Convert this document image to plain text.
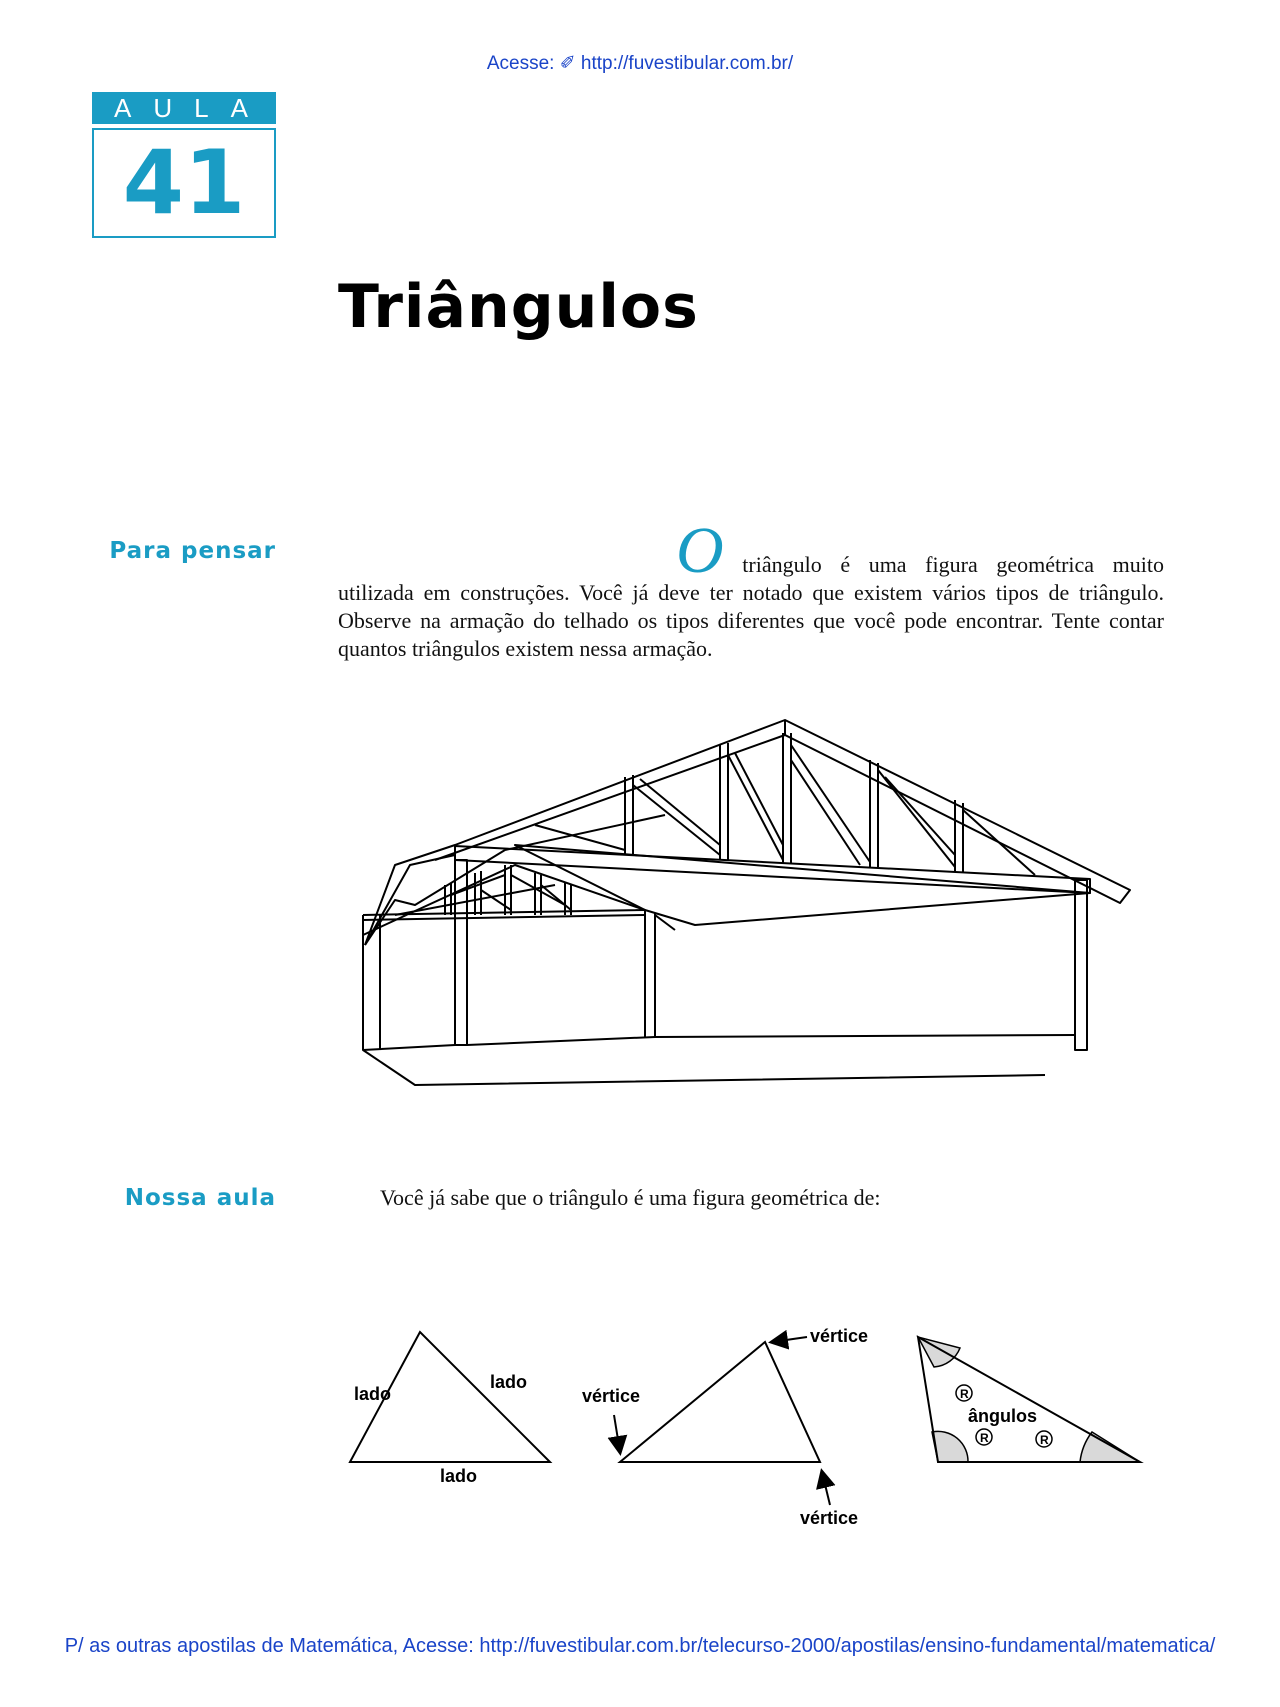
Acesse: ✐ http://fuvestibular.com.br/
AULA
41
Triângulos
Para pensar	O triângulo é uma figura geométrica muito utilizada em construções. Você já deve ter notado que existem vários tipos de triângulo. Observe na armação do telhado os tipos diferentes que você pode encontrar. Tente contar quantos triângulos existem nessa armação.
Nossa aula	Você já sabe que o triângulo é uma figura geométrica de:
lado
lado
lado
vértice
vértice
vértice
ângulos
R
R	R
P/ as outras apostilas de Matemática, Acesse: http://fuvestibular.com.br/telecurso-2000/apostilas/ensino-fundamental/matematica/
